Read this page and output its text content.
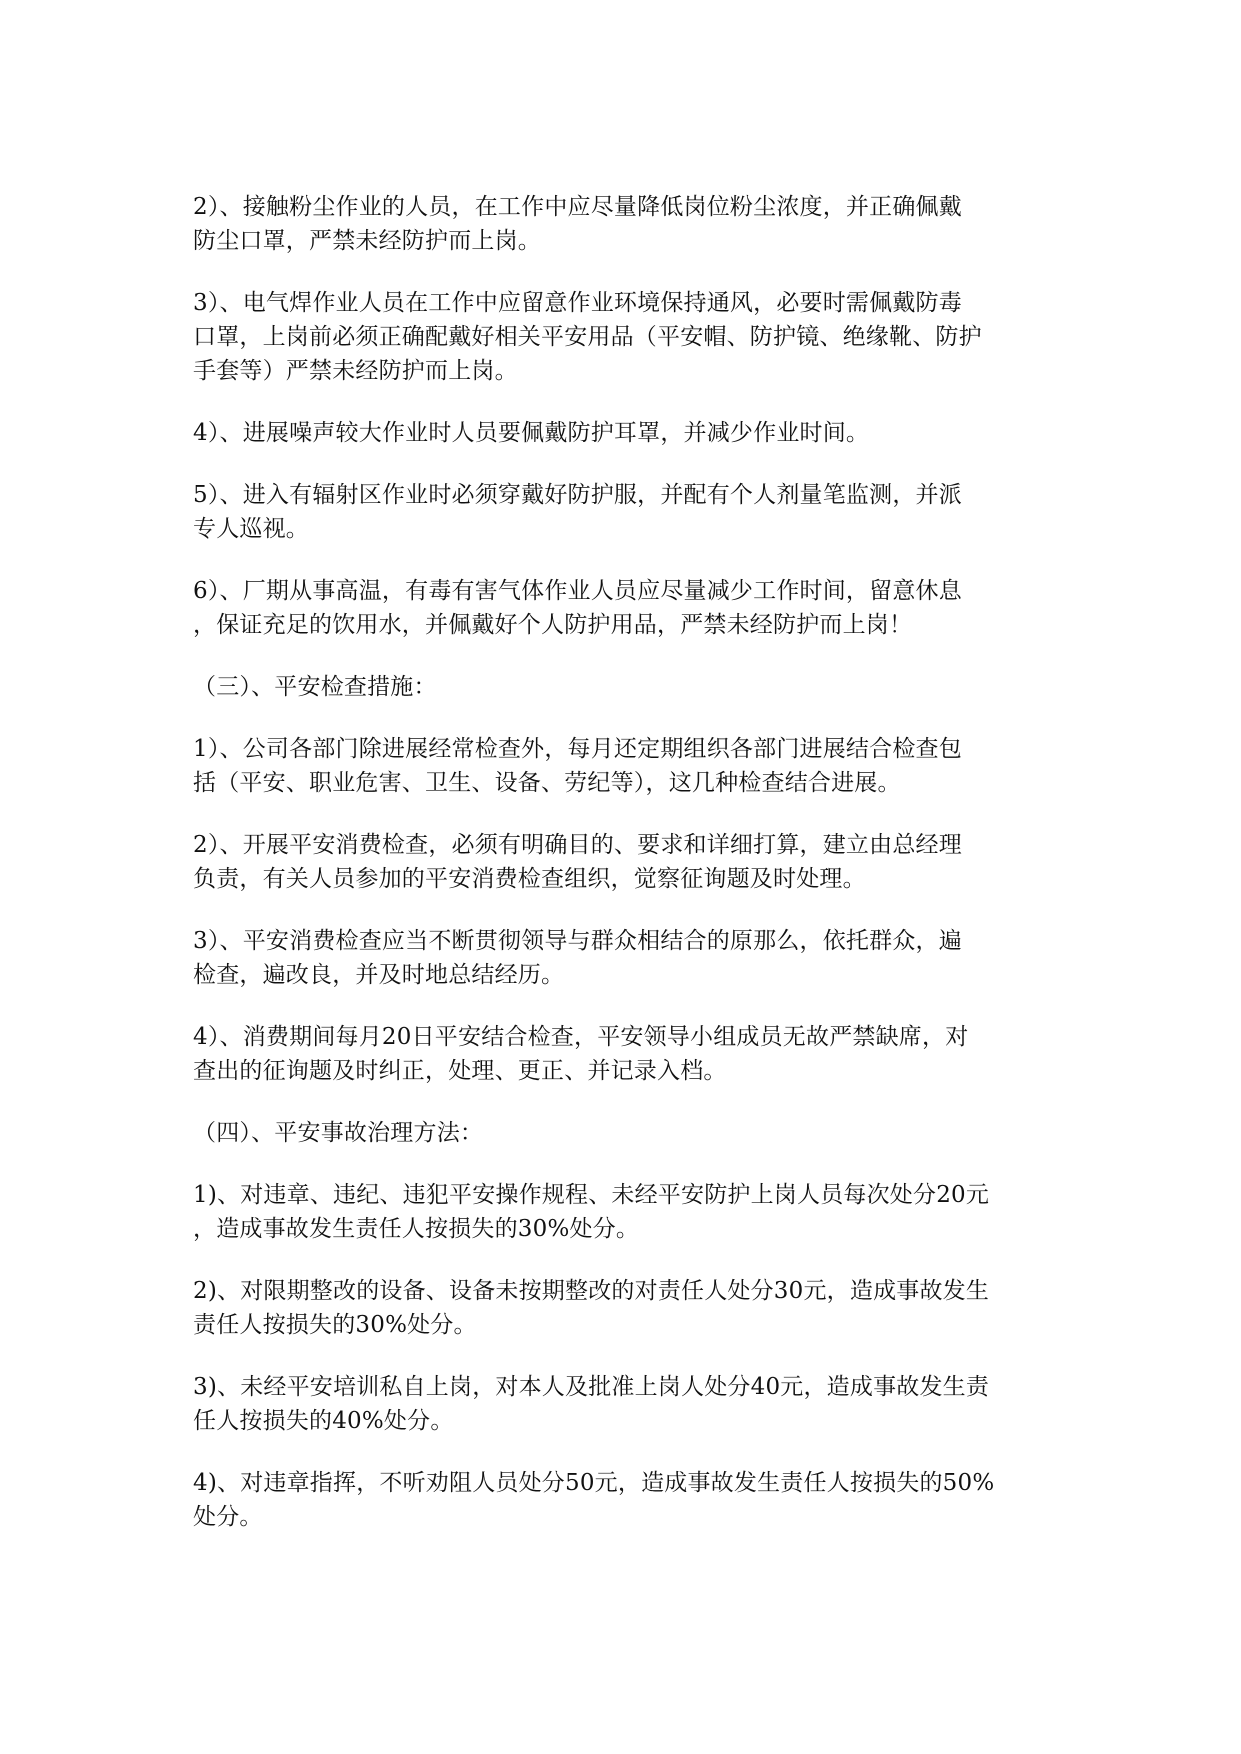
2）、接触粉尘作业的人员，在工作中应尽量降低岗位粉尘浓度，并正确佩戴
防尘口罩，严禁未经防护而上岗。
3）、电气焊作业人员在工作中应留意作业环境保持通风，必要时需佩戴防毒
口罩，上岗前必须正确配戴好相关平安用品（平安帽、防护镜、绝缘靴、防护
手套等）严禁未经防护而上岗。
4）、进展噪声较大作业时人员要佩戴防护耳罩，并减少作业时间。
5）、进入有辐射区作业时必须穿戴好防护服，并配有个人剂量笔监测，并派
专人巡视。
6）、厂期从事高温，有毒有害气体作业人员应尽量减少工作时间，留意休息
，保证充足的饮用水，并佩戴好个人防护用品，严禁未经防护而上岗！
（三）、平安检查措施：
1）、公司各部门除进展经常检查外，每月还定期组织各部门进展结合检查包
括（平安、职业危害、卫生、设备、劳纪等），这几种检查结合进展。
2）、开展平安消费检查，必须有明确目的、要求和详细打算，建立由总经理
负责，有关人员参加的平安消费检查组织，觉察征询题及时处理。
3）、平安消费检查应当不断贯彻领导与群众相结合的原那么，依托群众，遍
检查，遍改良，并及时地总结经历。
4）、消费期间每月20日平安结合检查，平安领导小组成员无故严禁缺席，对
查出的征询题及时纠正，处理、更正、并记录入档。
（四）、平安事故治理方法：
1)、对违章、违纪、违犯平安操作规程、未经平安防护上岗人员每次处分20元
，造成事故发生责任人按损失的30%处分。
2)、对限期整改的设备、设备未按期整改的对责任人处分30元，造成事故发生
责任人按损失的30%处分。
3)、未经平安培训私自上岗，对本人及批准上岗人处分40元，造成事故发生责
任人按损失的40%处分。
4)、对违章指挥，不听劝阻人员处分50元，造成事故发生责任人按损失的50%
处分。
